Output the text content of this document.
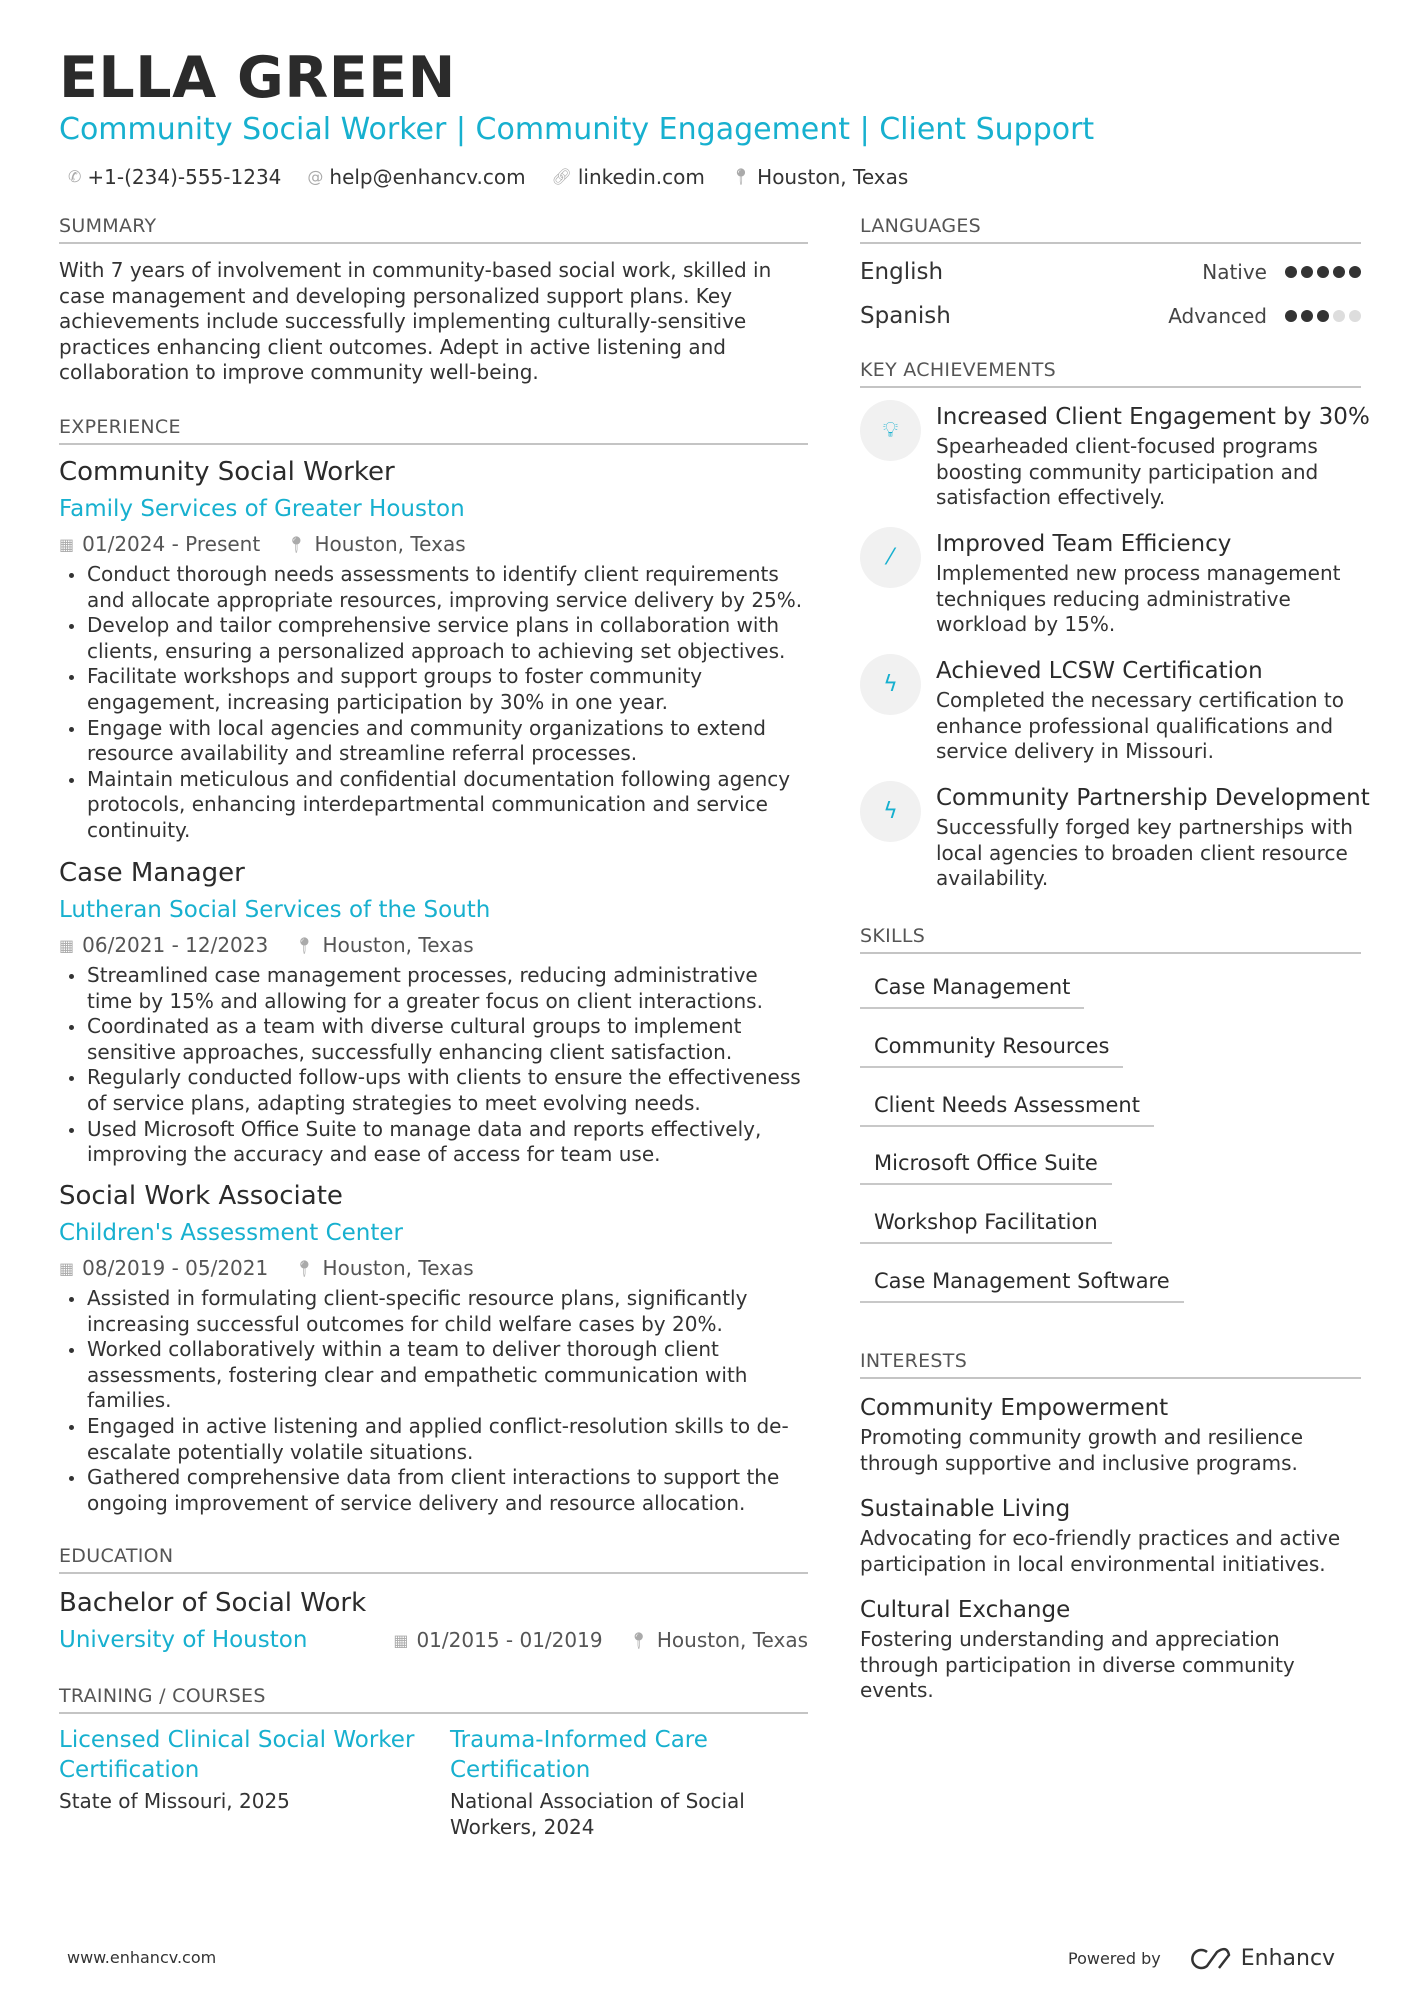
ELLA GREEN
Community Social Worker | Community Engagement | Client Support
✆ +1-(234)-555-1234 @ help@enhancv.com 🔗︎ linkedin.com 📍︎ Houston, Texas
SUMMARY
With 7 years of involvement in community-based social work, skilled in case management and developing personalized support plans. Key achievements include successfully implementing culturally-sensitive practices enhancing client outcomes. Adept in active listening and collaboration to improve community well-being.
EXPERIENCE
Community Social Worker
Family Services of Greater Houston
▦ 01/2024 - Present 📍︎ Houston, Texas
Conduct thorough needs assessments to identify client requirements and allocate appropriate resources, improving service delivery by 25%.
Develop and tailor comprehensive service plans in collaboration with clients, ensuring a personalized approach to achieving set objectives.
Facilitate workshops and support groups to foster community engagement, increasing participation by 30% in one year.
Engage with local agencies and community organizations to extend resource availability and streamline referral processes.
Maintain meticulous and confidential documentation following agency protocols, enhancing interdepartmental communication and service continuity.
Case Manager
Lutheran Social Services of the South
▦ 06/2021 - 12/2023 📍︎ Houston, Texas
Streamlined case management processes, reducing administrative time by 15% and allowing for a greater focus on client interactions.
Coordinated as a team with diverse cultural groups to implement sensitive approaches, successfully enhancing client satisfaction.
Regularly conducted follow-ups with clients to ensure the effectiveness of service plans, adapting strategies to meet evolving needs.
Used Microsoft Office Suite to manage data and reports effectively, improving the accuracy and ease of access for team use.
Social Work Associate
Children's Assessment Center
▦ 08/2019 - 05/2021 📍︎ Houston, Texas
Assisted in formulating client-specific resource plans, significantly increasing successful outcomes for child welfare cases by 20%.
Worked collaboratively within a team to deliver thorough client assessments, fostering clear and empathetic communication with families.
Engaged in active listening and applied conflict-resolution skills to de-escalate potentially volatile situations.
Gathered comprehensive data from client interactions to support the ongoing improvement of service delivery and resource allocation.
EDUCATION
Bachelor of Social Work
University of Houston	▦ 01/2015 - 01/2019 📍︎ Houston, Texas
TRAINING / COURSES
Licensed Clinical Social Worker Certification
State of Missouri, 2025
Trauma-Informed Care Certification
National Association of Social Workers, 2024
LANGUAGES
English	Native
Spanish	Advanced
KEY ACHIEVEMENTS
💡︎
Increased Client Engagement by 30%
Spearheaded client-focused programs boosting community participation and satisfaction effectively.
⁄
Improved Team Efficiency
Implemented new process management techniques reducing administrative workload by 15%.
ϟ
Achieved LCSW Certification
Completed the necessary certification to enhance professional qualifications and service delivery in Missouri.
ϟ
Community Partnership Development
Successfully forged key partnerships with local agencies to broaden client resource availability.
SKILLS
Case Management
Community Resources
Client Needs Assessment
Microsoft Office Suite
Workshop Facilitation
Case Management Software
INTERESTS
Community Empowerment
Promoting community growth and resilience through supportive and inclusive programs.
Sustainable Living
Advocating for eco-friendly practices and active participation in local environmental initiatives.
Cultural Exchange
Fostering understanding and appreciation through participation in diverse community events.
www.enhancv.com	Powered by	Enhancv
